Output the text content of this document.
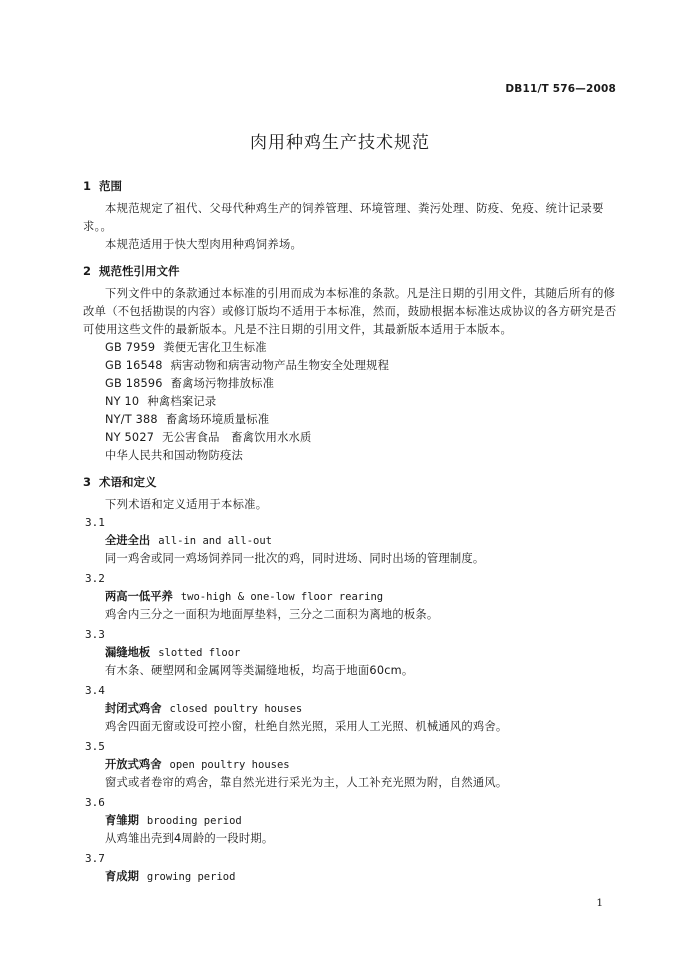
DB11/T 576—2008
肉用种鸡生产技术规范
1 范围

本规范规定了祖代、父母代种鸡生产的饲养管理、环境管理、粪污处理、防疫、免疫、统计记录要求。。

本规范适用于快大型肉用种鸡饲养场。

2 规范性引用文件

下列文件中的条款通过本标准的引用而成为本标准的条款。凡是注日期的引用文件，其随后所有的修改单（不包括勘误的内容）或修订版均不适用于本标准，然而，鼓励根据本标准达成协议的各方研究是否可使用这些文件的最新版本。凡是不注日期的引用文件，其最新版本适用于本版本。

GB 7959 粪便无害化卫生标准
GB 16548 病害动物和病害动物产品生物安全处理规程
GB 18596 畜禽场污物排放标准
NY 10 种禽档案记录
NY/T 388 畜禽场环境质量标准
NY 5027 无公害食品　畜禽饮用水水质
中华人民共和国动物防疫法
3 术语和定义

下列术语和定义适用于本标准。

3.1
全进全出 all-in and all-out
同一鸡舍或同一鸡场饲养同一批次的鸡，同时进场、同时出场的管理制度。
3.2
两高一低平养 two-high & one-low floor rearing
鸡舍内三分之一面积为地面厚垫料，三分之二面积为离地的板条。
3.3
漏缝地板 slotted floor
有木条、硬塑网和金属网等类漏缝地板，均高于地面60cm。
3.4
封闭式鸡舍 closed poultry houses
鸡舍四面无窗或设可控小窗，杜绝自然光照，采用人工光照、机械通风的鸡舍。
3.5
开放式鸡舍 open poultry houses
窗式或者卷帘的鸡舍，靠自然光进行采光为主，人工补充光照为附，自然通风。
3.6
育雏期 brooding period
从鸡雏出壳到4周龄的一段时期。
3.7
育成期 growing period
1
